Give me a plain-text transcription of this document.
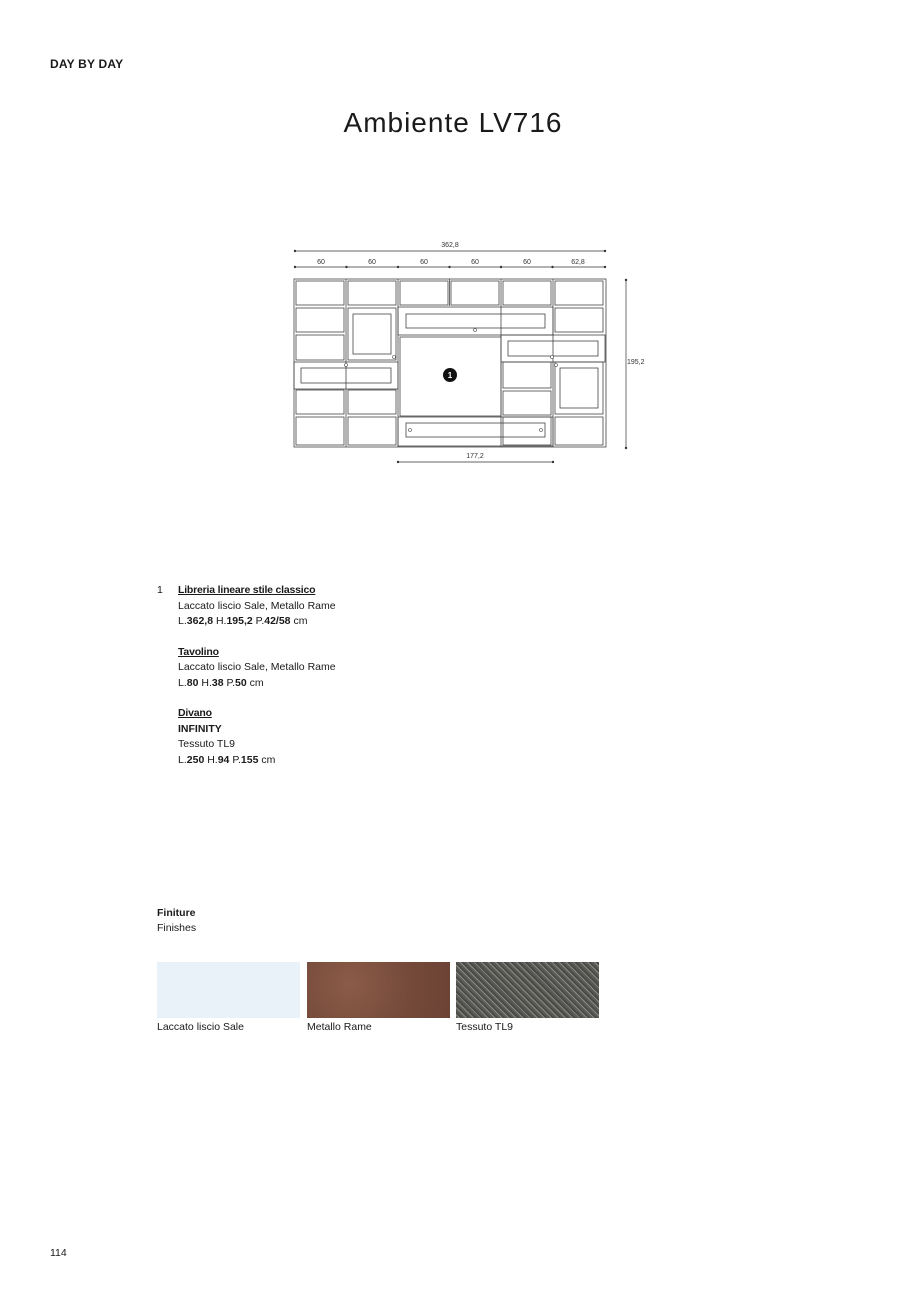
DAY BY DAY
Ambiente LV716
362,8
60	60	60	60	60	62,8
195,2
1
177,2
1 Libreria lineare stile classico
Laccato liscio Sale, Metallo Rame
L.362,8 H.195,2 P.42/58 cm
Tavolino
Laccato liscio Sale, Metallo Rame
L.80 H.38 P.50 cm
Divano
INFINITY
Tessuto TL9
L.250 H.94 P.155 cm
Finiture
Finishes
Laccato liscio Sale	Metallo Rame	Tessuto TL9
114
